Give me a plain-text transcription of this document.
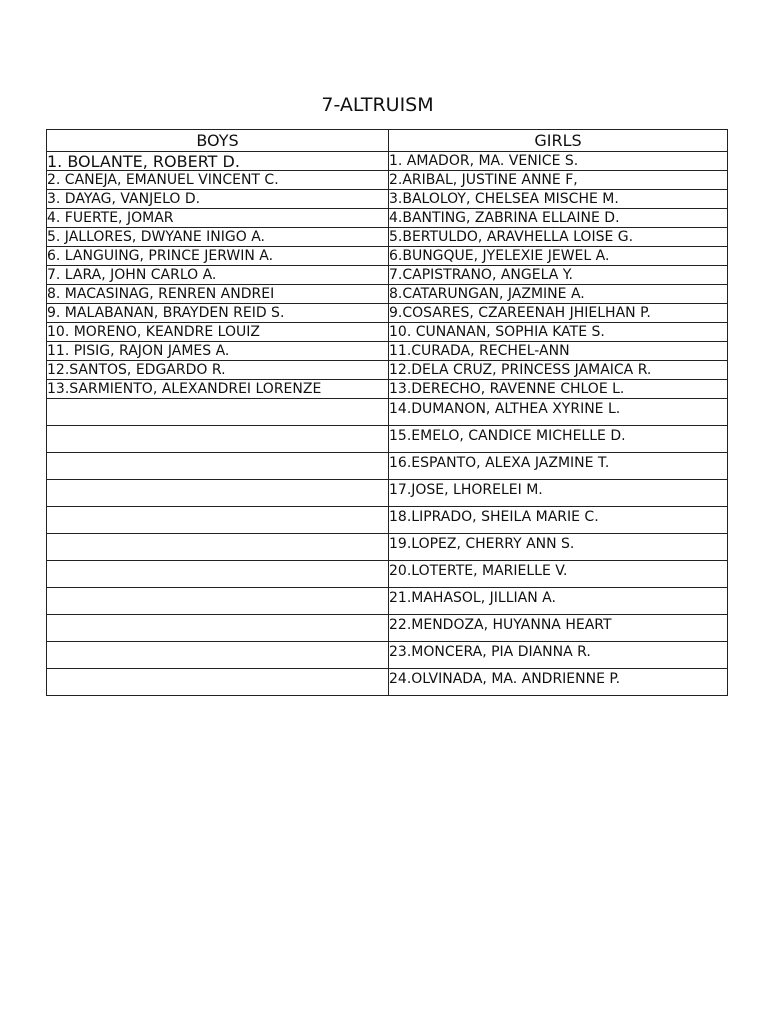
7-ALTRUISM
BOYS	GIRLS
1. BOLANTE, ROBERT D.	1. AMADOR, MA. VENICE S.
2. CANEJA, EMANUEL VINCENT C.	2.ARIBAL, JUSTINE ANNE F,
3. DAYAG, VANJELO D.	3.BALOLOY, CHELSEA MISCHE M.
4. FUERTE, JOMAR	4.BANTING, ZABRINA ELLAINE D.
5. JALLORES, DWYANE INIGO A.	5.BERTULDO, ARAVHELLA LOISE G.
6. LANGUING, PRINCE JERWIN A.	6.BUNGQUE, JYELEXIE JEWEL A.
7. LARA, JOHN CARLO A.	7.CAPISTRANO, ANGELA Y.
8. MACASINAG, RENREN ANDREI	8.CATARUNGAN, JAZMINE A.
9. MALABANAN, BRAYDEN REID S.	9.COSARES, CZAREENAH JHIELHAN P.
10. MORENO, KEANDRE LOUIZ	10. CUNANAN, SOPHIA KATE S.
11. PISIG, RAJON JAMES A.	11.CURADA, RECHEL-ANN
12.SANTOS, EDGARDO R.	12.DELA CRUZ, PRINCESS JAMAICA R.
13.SARMIENTO, ALEXANDREI LORENZE	13.DERECHO, RAVENNE CHLOE L.
	14.DUMANON, ALTHEA XYRINE L.
	15.EMELO, CANDICE MICHELLE D.
	16.ESPANTO, ALEXA JAZMINE T.
	17.JOSE, LHORELEI M.
	18.LIPRADO, SHEILA MARIE C.
	19.LOPEZ, CHERRY ANN S.
	20.LOTERTE, MARIELLE V.
	21.MAHASOL, JILLIAN A.
	22.MENDOZA, HUYANNA HEART
	23.MONCERA, PIA DIANNA R.
	24.OLVINADA, MA. ANDRIENNE P.
